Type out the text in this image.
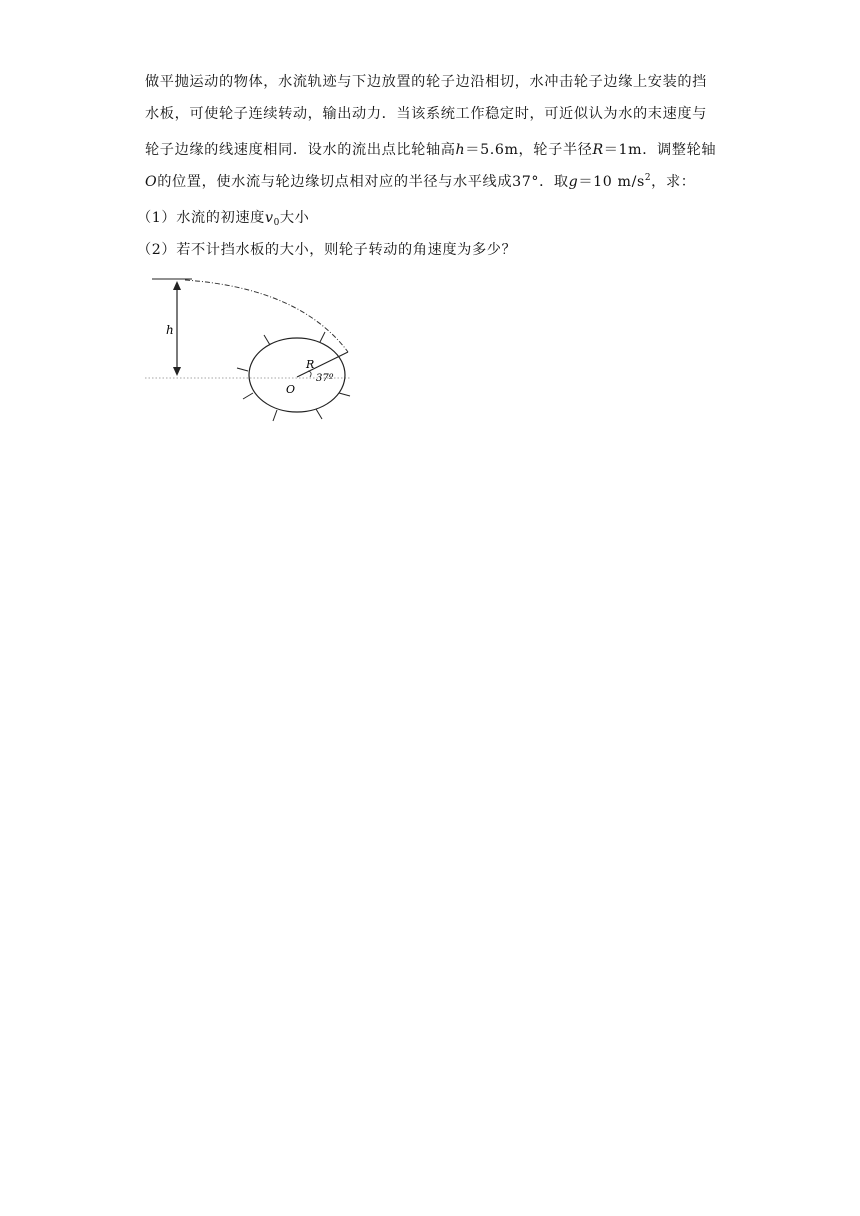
做平抛运动的物体，水流轨迹与下边放置的轮子边沿相切，水冲击轮子边缘上安装的挡
水板，可使轮子连续转动，输出动力．当该系统工作稳定时，可近似认为水的末速度与
轮子边缘的线速度相同．设水的流出点比轮轴高h＝5.6m，轮子半径R＝1m．调整轮轴
O的位置，使水流与轮边缘切点相对应的半径与水平线成37°．取g＝10 $m/s^2$，求：
（1）水流的初速度$v_0$大小
（2）若不计挡水板的大小，则轮子转动的角速度为多少？
h
R
O
37º
